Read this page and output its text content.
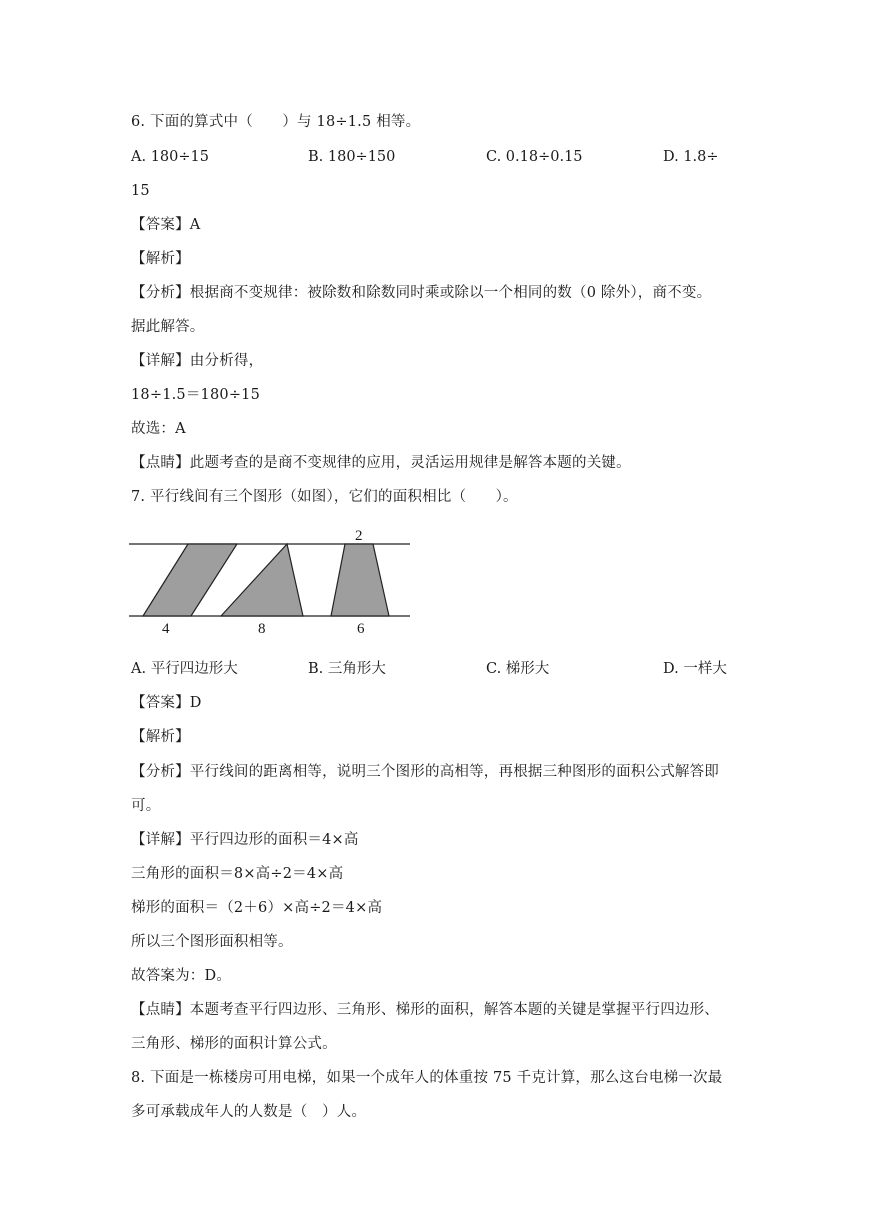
6. 下面的算式中（　　）与 18÷1.5 相等。
A. 180÷15	B. 180÷150	C. 0.18÷0.15	D. 1.8÷
15
【答案】A
【解析】
【分析】根据商不变规律：被除数和除数同时乘或除以一个相同的数（0 除外），商不变。
据此解答。
【详解】由分析得，
18÷1.5＝180÷15
故选：A
【点睛】此题考查的是商不变规律的应用，灵活运用规律是解答本题的关键。
7. 平行线间有三个图形（如图），它们的面积相比（　　）。
2
4	8	6
A. 平行四边形大	B. 三角形大	C. 梯形大	D. 一样大
【答案】D
【解析】
【分析】平行线间的距离相等，说明三个图形的高相等，再根据三种图形的面积公式解答即
可。
【详解】平行四边形的面积＝4×高
三角形的面积＝8×高÷2＝4×高
梯形的面积＝（2＋6）×高÷2＝4×高
所以三个图形面积相等。
故答案为：D。
【点睛】本题考查平行四边形、三角形、梯形的面积，解答本题的关键是掌握平行四边形、
三角形、梯形的面积计算公式。
8. 下面是一栋楼房可用电梯，如果一个成年人的体重按 75 千克计算，那么这台电梯一次最
多可承载成年人的人数是（　）人。
